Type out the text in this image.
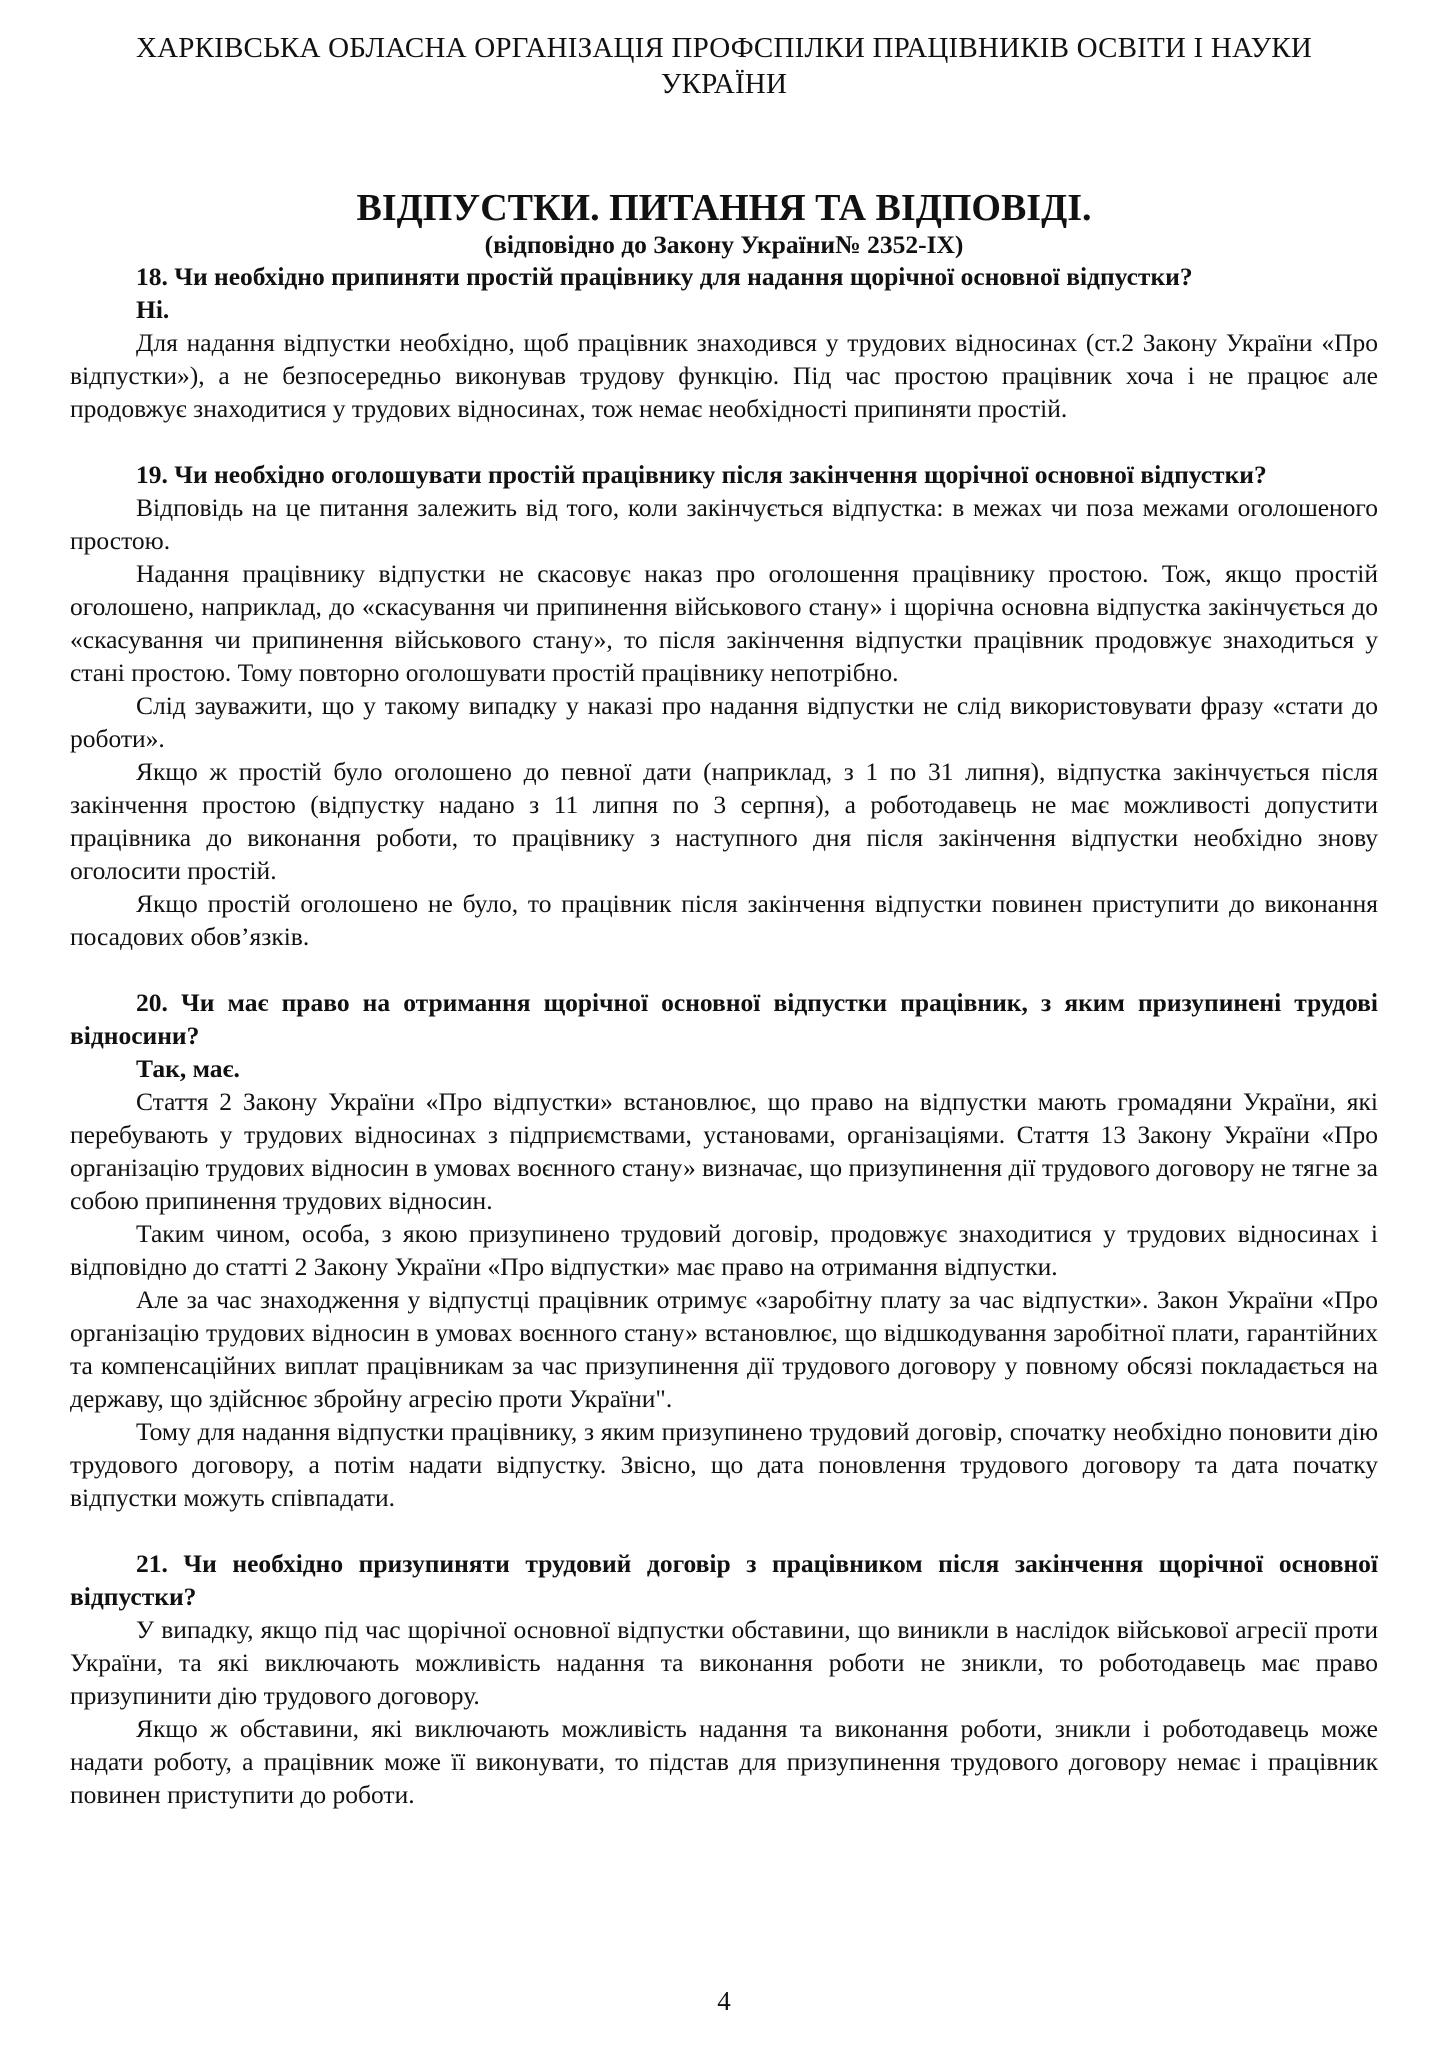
ХАРКІВСЬКА ОБЛАСНА ОРГАНІЗАЦІЯ ПРОФСПІЛКИ ПРАЦІВНИКІВ ОСВІТИ І НАУКИ УКРАЇНИ

ВІДПУСТКИ. ПИТАННЯ ТА ВІДПОВІДІ.

(відповідно до Закону України№ 2352-IX)

18. Чи необхідно припиняти простій працівнику для надання щорічної основної відпустки?

Ні.

Для надання відпустки необхідно, щоб працівник знаходився у трудових відносинах (ст.2 Закону України «Про відпустки»), а не безпосередньо виконував трудову функцію. Під час простою працівник хоча і не працює але продовжує знаходитися у трудових відносинах, тож немає необхідності припиняти простій.

19. Чи необхідно оголошувати простій працівнику після закінчення щорічної основної відпустки?

Відповідь на це питання залежить від того, коли закінчується відпустка: в межах чи поза межами оголошеного простою.

Надання працівнику відпустки не скасовує наказ про оголошення працівнику простою. Тож, якщо простій оголошено, наприклад, до «скасування чи припинення військового стану» і щорічна основна відпустка закінчується до «скасування чи припинення військового стану», то після закінчення відпустки працівник продовжує знаходиться у стані простою. Тому повторно оголошувати простій працівнику непотрібно.

Слід зауважити, що у такому випадку у наказі про надання відпустки не слід використовувати фразу «стати до роботи».

Якщо ж простій було оголошено до певної дати (наприклад, з 1 по 31 липня), відпустка закінчується після закінчення простою (відпустку надано з 11 липня по 3 серпня), а роботодавець не має можливості допустити працівника до виконання роботи, то працівнику з наступного дня після закінчення відпустки необхідно знову оголосити простій.

Якщо простій оголошено не було, то працівник після закінчення відпустки повинен приступити до виконання посадових обов’язків.

20. Чи має право на отримання щорічної основної відпустки працівник, з яким призупинені трудові відносини?

Так, має.

Стаття 2 Закону України «Про відпустки» встановлює, що право на відпустки мають громадяни України, які перебувають у трудових відносинах з підприємствами, установами, організаціями. Стаття 13 Закону України «Про організацію трудових відносин в умовах воєнного стану» визначає, що призупинення дії трудового договору не тягне за собою припинення трудових відносин.

Таким чином, особа, з якою призупинено трудовий договір, продовжує знаходитися у трудових відносинах і відповідно до статті 2 Закону України «Про відпустки» має право на отримання відпустки.

Але за час знаходження у відпустці працівник отримує «заробітну плату за час відпустки». Закон України «Про організацію трудових відносин в умовах воєнного стану» встановлює, що відшкодування заробітної плати, гарантійних та компенсаційних виплат працівникам за час призупинення дії трудового договору у повному обсязі покладається на державу, що здійснює збройну агресію проти України".

Тому для надання відпустки працівнику, з яким призупинено трудовий договір, спочатку необхідно поновити дію трудового договору, а потім надати відпустку. Звісно, що дата поновлення трудового договору та дата початку відпустки можуть співпадати.

21. Чи необхідно призупиняти трудовий договір з працівником після закінчення щорічної основної відпустки?

У випадку, якщо під час щорічної основної відпустки обставини, що виникли в наслідок військової агресії проти України, та які виключають можливість надання та виконання роботи не зникли, то роботодавець має право призупинити дію трудового договору.

Якщо ж обставини, які виключають можливість надання та виконання роботи, зникли і роботодавець може надати роботу, а працівник може її виконувати, то підстав для призупинення трудового договору немає і працівник повинен приступити до роботи.

4
